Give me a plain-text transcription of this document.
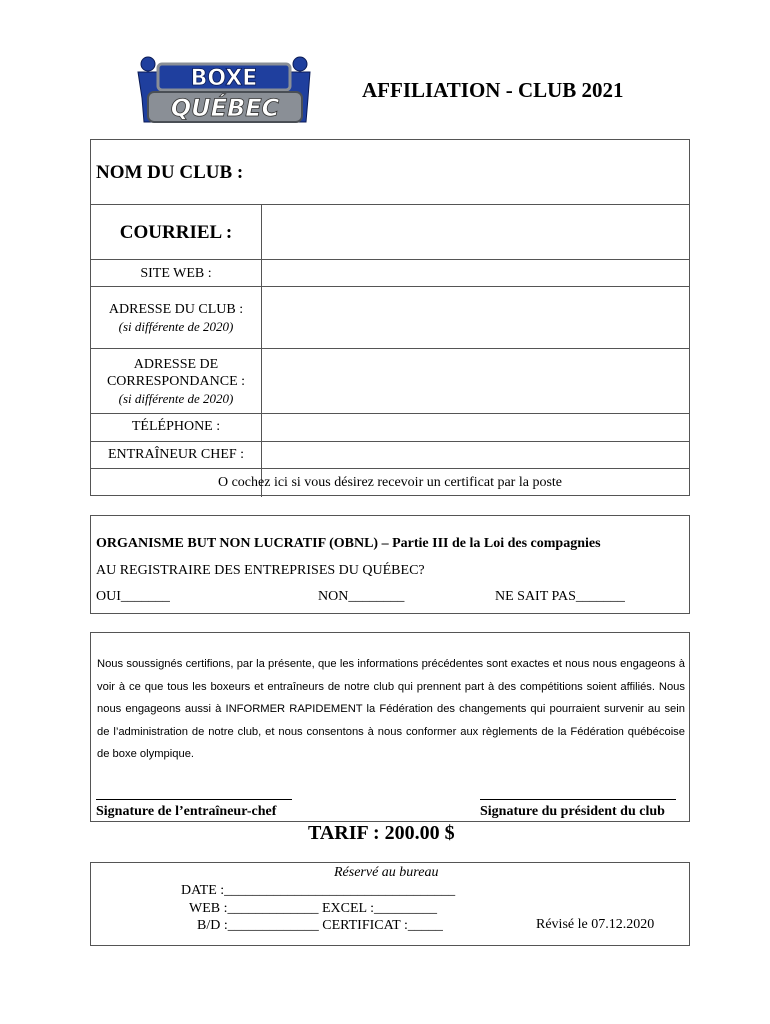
BOXE
QUÉBEC
AFFILIATION - CLUB 2021
NOM DU CLUB :
COURRIEL :
SITE WEB :
ADRESSE DU CLUB :
(si différente de 2020)
ADRESSE DE
CORRESPONDANCE :
(si différente de 2020)
TÉLÉPHONE :
ENTRAÎNEUR CHEF :
O cochez ici si vous désirez recevoir un certificat par la poste
ORGANISME BUT NON LUCRATIF (OBNL) – Partie III de la Loi des compagnies
AU REGISTRAIRE DES ENTREPRISES DU QUÉBEC?
OUI_______	NON________	NE SAIT PAS_______
Nous soussignés certifions, par la présente, que les informations précédentes sont exactes et nous nous engageons à voir à ce que tous les boxeurs et entraîneurs de notre club qui prennent part à des compétitions soient affiliés. Nous nous engageons aussi à INFORMER RAPIDEMENT la Fédération des changements qui pourraient survenir au sein de l’administration de notre club, et nous consentons à nous conformer aux règlements de la Fédération québécoise de boxe olympique.
Signature de l’entraîneur-chef	Signature du président du club
TARIF : 200.00 $
Réservé au bureau
DATE :_________________________________
WEB :_____________ EXCEL :_________
B/D :_____________ CERTIFICAT :_____	Révisé le 07.12.2020
